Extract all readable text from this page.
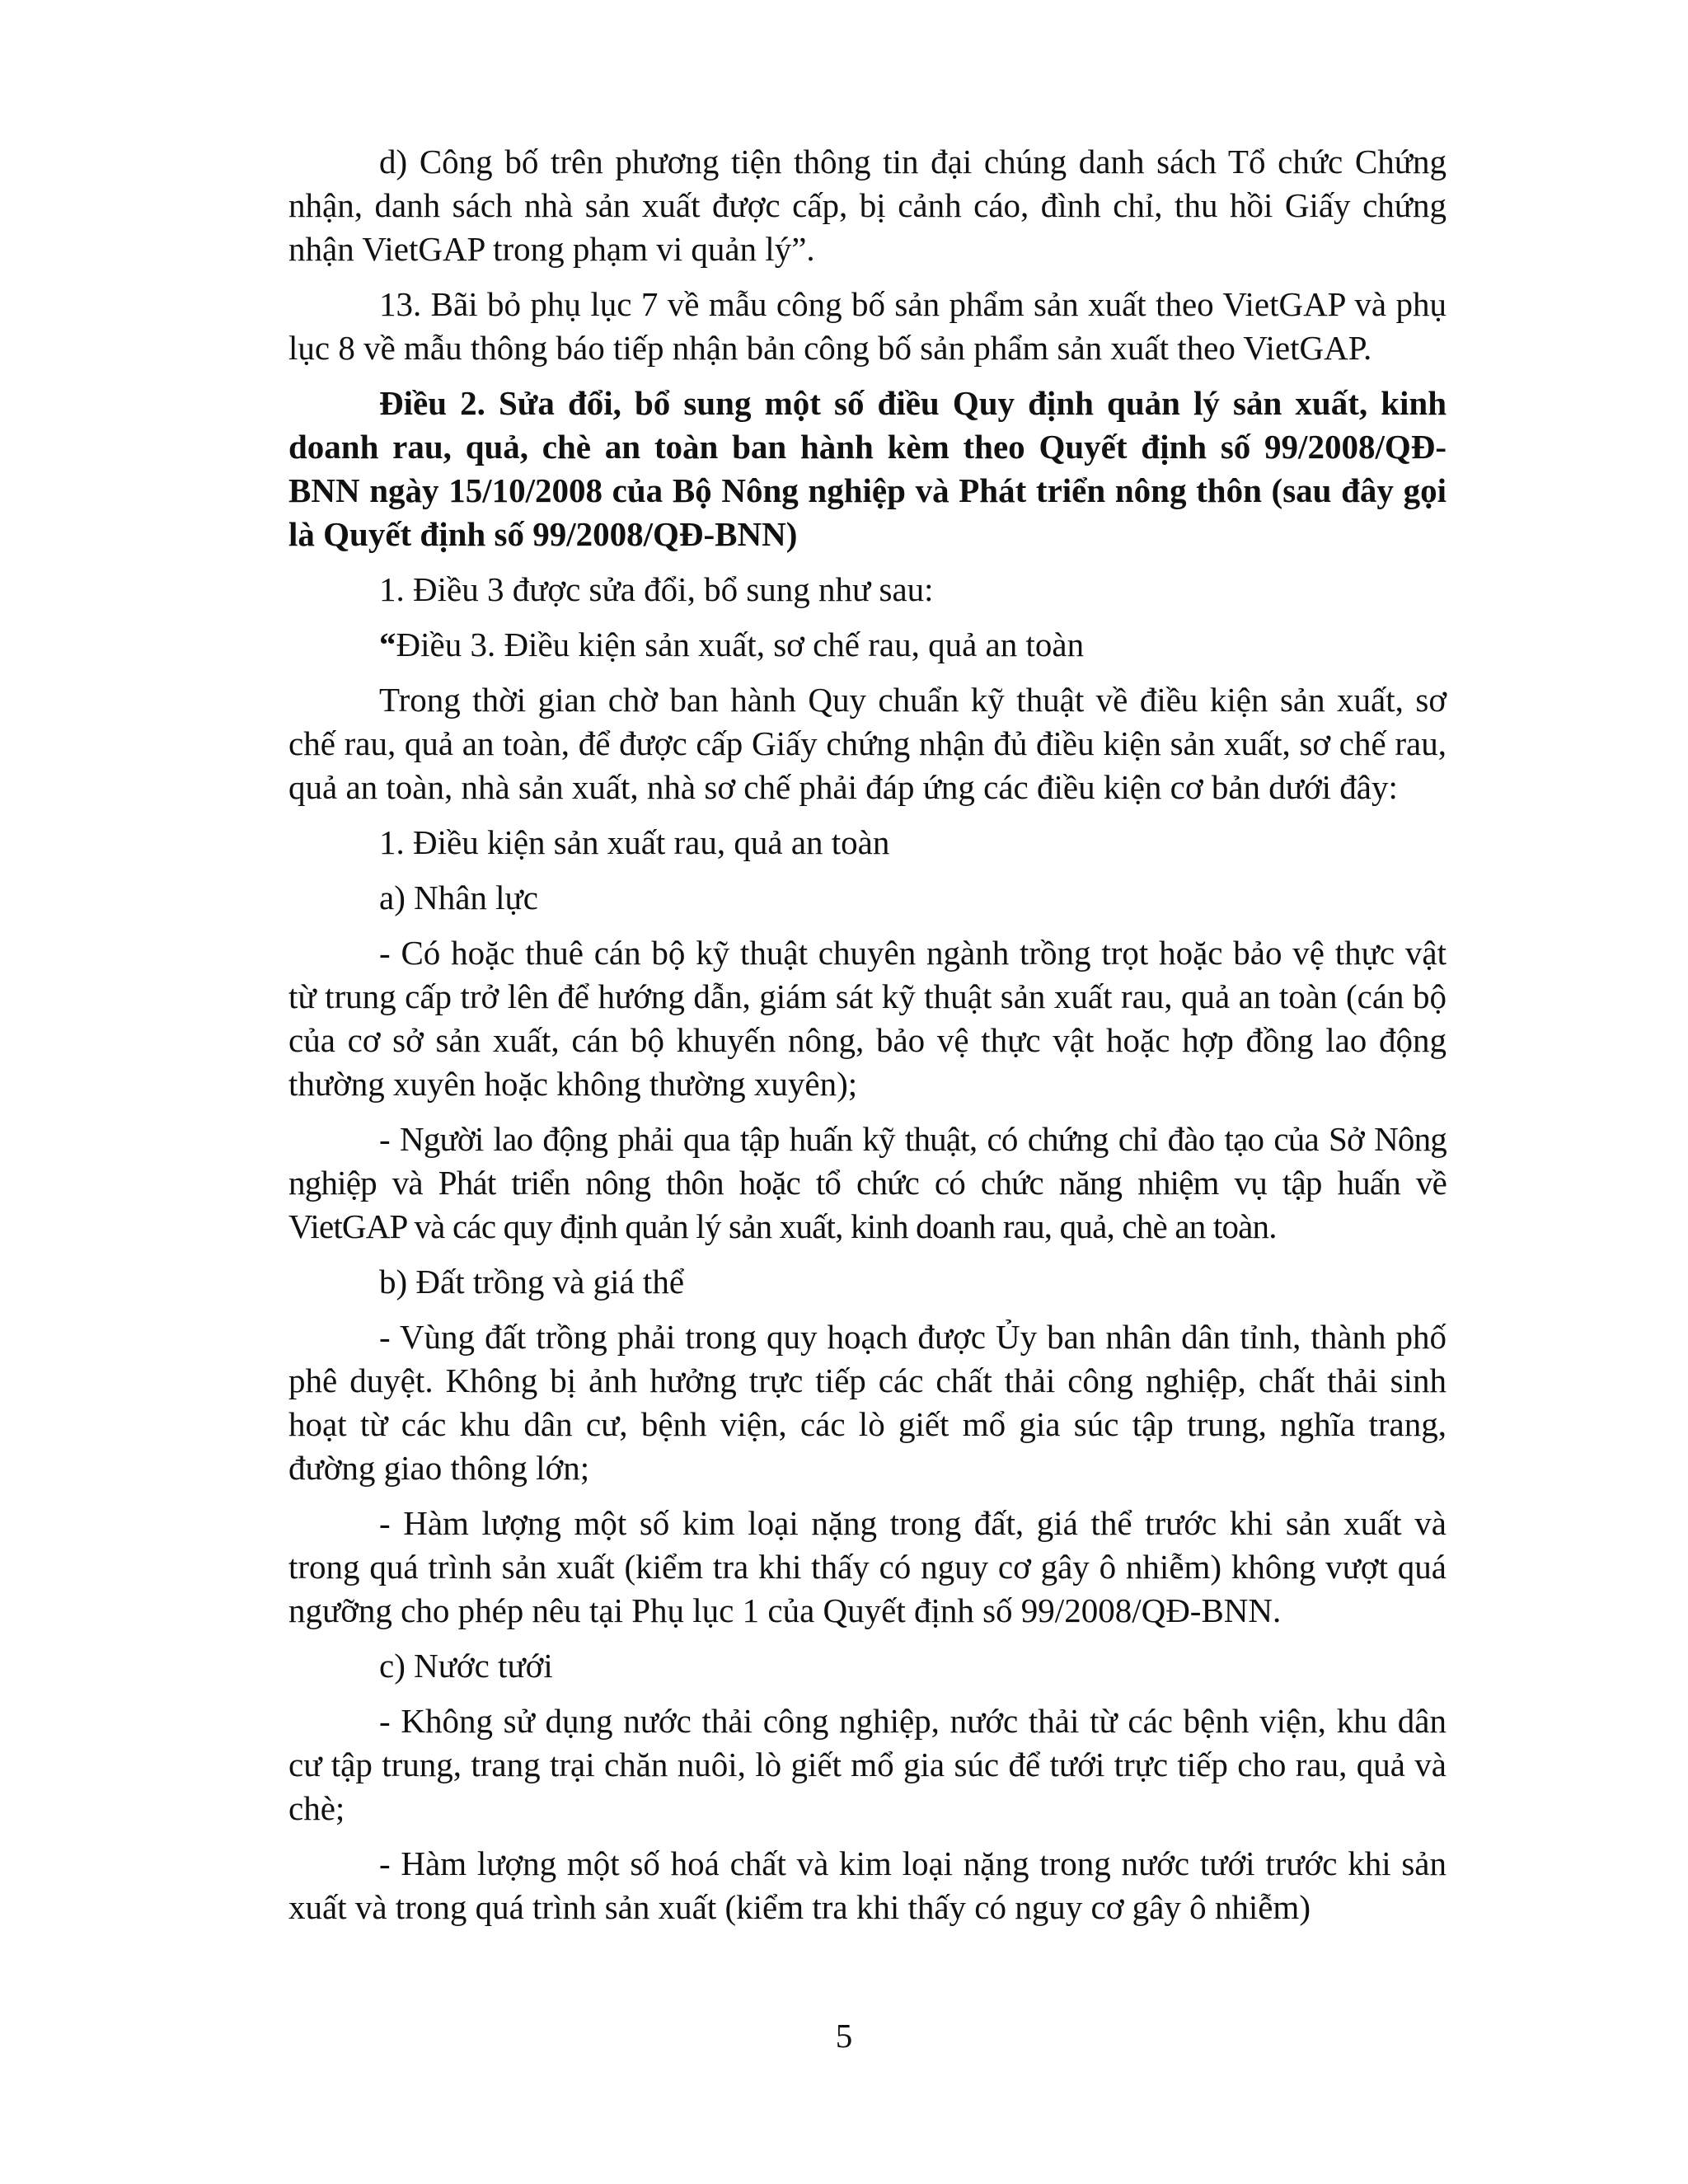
d) Công bố trên phương tiện thông tin đại chúng danh sách Tổ chức Chứng nhận, danh sách nhà sản xuất được cấp, bị cảnh cáo, đình chỉ, thu hồi Giấy chứng nhận VietGAP trong phạm vi quản lý”.

13. Bãi bỏ phụ lục 7 về mẫu công bố sản phẩm sản xuất theo VietGAP và phụ lục 8 về mẫu thông báo tiếp nhận bản công bố sản phẩm sản xuất theo VietGAP.

Điều 2. Sửa đổi, bổ sung một số điều Quy định quản lý sản xuất, kinh doanh rau, quả, chè an toàn ban hành kèm theo Quyết định số 99/2008/QĐ-BNN ngày 15/10/2008 của Bộ Nông nghiệp và Phát triển nông thôn (sau đây gọi là Quyết định số 99/2008/QĐ-BNN)

1. Điều 3 được sửa đổi, bổ sung như sau:

“Điều 3. Điều kiện sản xuất, sơ chế rau, quả an toàn

Trong thời gian chờ ban hành Quy chuẩn kỹ thuật về điều kiện sản xuất, sơ chế rau, quả an toàn, để được cấp Giấy chứng nhận đủ điều kiện sản xuất, sơ chế rau, quả an toàn, nhà sản xuất, nhà sơ chế phải đáp ứng các điều kiện cơ bản dưới đây:

1. Điều kiện sản xuất rau, quả an toàn

a) Nhân lực

- Có hoặc thuê cán bộ kỹ thuật chuyên ngành trồng trọt hoặc bảo vệ thực vật từ trung cấp trở lên để hướng dẫn, giám sát kỹ thuật sản xuất rau, quả an toàn (cán bộ của cơ sở sản xuất, cán bộ khuyến nông, bảo vệ thực vật hoặc hợp đồng lao động thường xuyên hoặc không thường xuyên);

- Người lao động phải qua tập huấn kỹ thuật, có chứng chỉ đào tạo của Sở Nông nghiệp và Phát triển nông thôn hoặc tổ chức có chức năng nhiệm vụ tập huấn về VietGAP và các quy định quản lý sản xuất, kinh doanh rau, quả, chè an toàn.

b) Đất trồng và giá thể

- Vùng đất trồng phải trong quy hoạch được Ủy ban nhân dân tỉnh, thành phố phê duyệt. Không bị ảnh hưởng trực tiếp các chất thải công nghiệp, chất thải sinh hoạt từ các khu dân cư, bệnh viện, các lò giết mổ gia súc tập trung, nghĩa trang, đường giao thông lớn;

- Hàm lượng một số kim loại nặng trong đất, giá thể trước khi sản xuất và trong quá trình sản xuất (kiểm tra khi thấy có nguy cơ gây ô nhiễm) không vượt quá ngưỡng cho phép nêu tại Phụ lục 1 của Quyết định số 99/2008/QĐ-BNN.

c) Nước tưới

- Không sử dụng nước thải công nghiệp, nước thải từ các bệnh viện, khu dân cư tập trung, trang trại chăn nuôi, lò giết mổ gia súc để tưới trực tiếp cho rau, quả và chè;

- Hàm lượng một số hoá chất và kim loại nặng trong nước tưới trước khi sản xuất và trong quá trình sản xuất (kiểm tra khi thấy có nguy cơ gây ô nhiễm)

5
